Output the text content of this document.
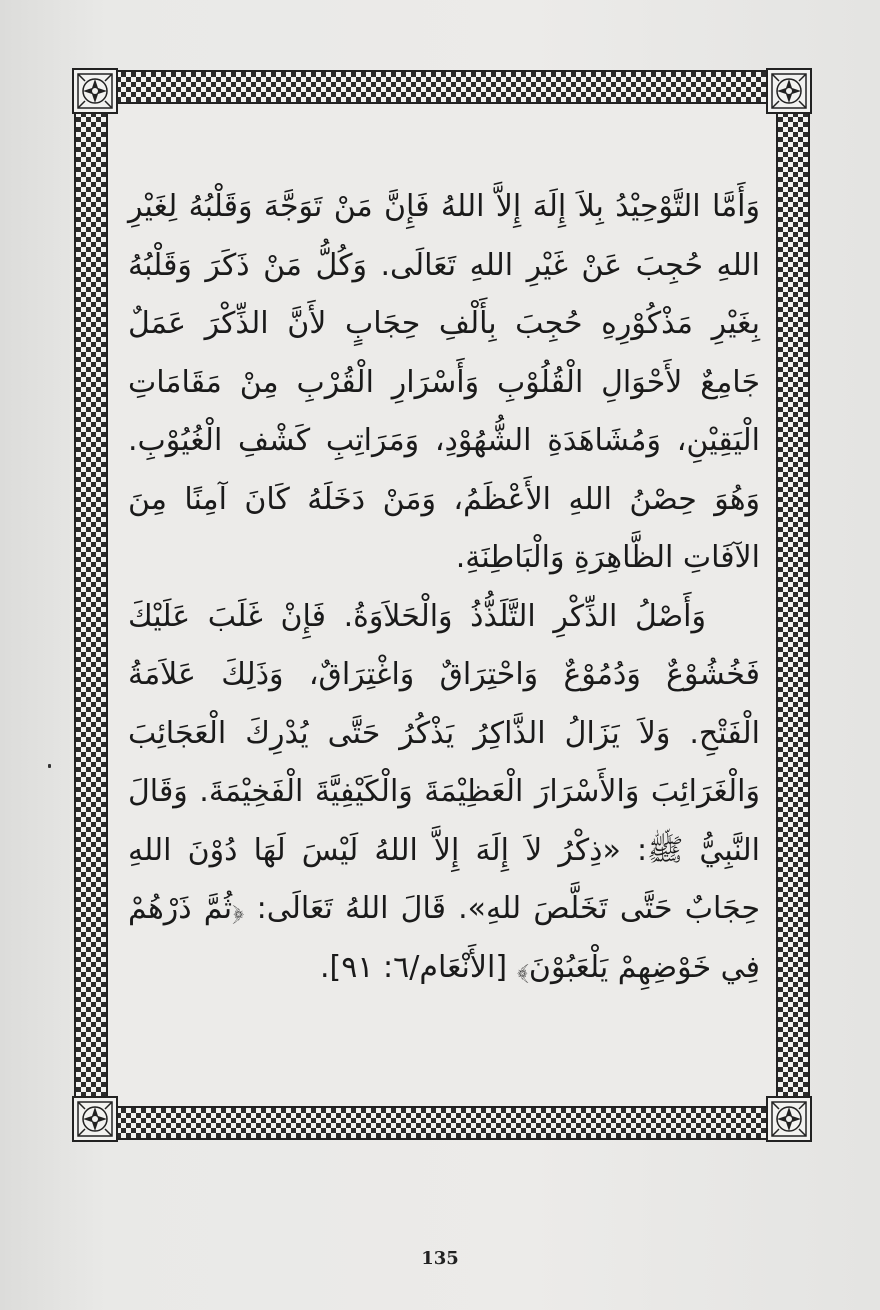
وَأَمَّا التَّوْحِيْدُ بِلاَ إِلَهَ إِلاَّ اللهُ فَإِنَّ مَنْ تَوَجَّهَ وَقَلْبُهُ لِغَيْرِ اللهِ حُجِبَ عَنْ غَيْرِ اللهِ تَعَالَى. وَكُلُّ مَنْ ذَكَرَ وَقَلْبُهُ بِغَيْرِ مَذْكُوْرِهِ حُجِبَ بِأَلْفِ حِجَابٍ لأَنَّ الذِّكْرَ عَمَلٌ جَامِعٌ لأَحْوَالِ الْقُلُوْبِ وَأَسْرَارِ الْقُرْبِ مِنْ مَقَامَاتِ الْيَقِيْنِ، وَمُشَاهَدَةِ الشُّهُوْدِ، وَمَرَاتِبِ كَشْفِ الْغُيُوْبِ. وَهُوَ حِصْنُ اللهِ الأَعْظَمُ، وَمَنْ دَخَلَهُ كَانَ آمِنًا مِنَ الآفَاتِ الظَّاهِرَةِ وَالْبَاطِنَةِ.

وَأَصْلُ الذِّكْرِ التَّلَذُّذُ وَالْحَلاَوَةُ. فَإِنْ غَلَبَ عَلَيْكَ فَخُشُوْعٌ وَدُمُوْعٌ وَاحْتِرَاقٌ وَاغْتِرَاقٌ، وَذَلِكَ عَلاَمَةُ الْفَتْحِ. وَلاَ يَزَالُ الذَّاكِرُ يَذْكُرُ حَتَّى يُدْرِكَ الْعَجَائِبَ وَالْغَرَائِبَ وَالأَسْرَارَ الْعَظِيْمَةَ وَالْكَيْفِيَّةَ الْفَخِيْمَةَ. وَقَالَ النَّبِيُّ ﷺ: «ذِكْرُ لاَ إِلَهَ إِلاَّ اللهُ لَيْسَ لَهَا دُوْنَ اللهِ حِجَابٌ حَتَّى تَخَلَّصَ للهِ». قَالَ اللهُ تَعَالَى: ﴿ثُمَّ ذَرْهُمْ فِي خَوْضِهِمْ يَلْعَبُوْنَ﴾ [الأَنْعَام/٦: ٩١].

135
